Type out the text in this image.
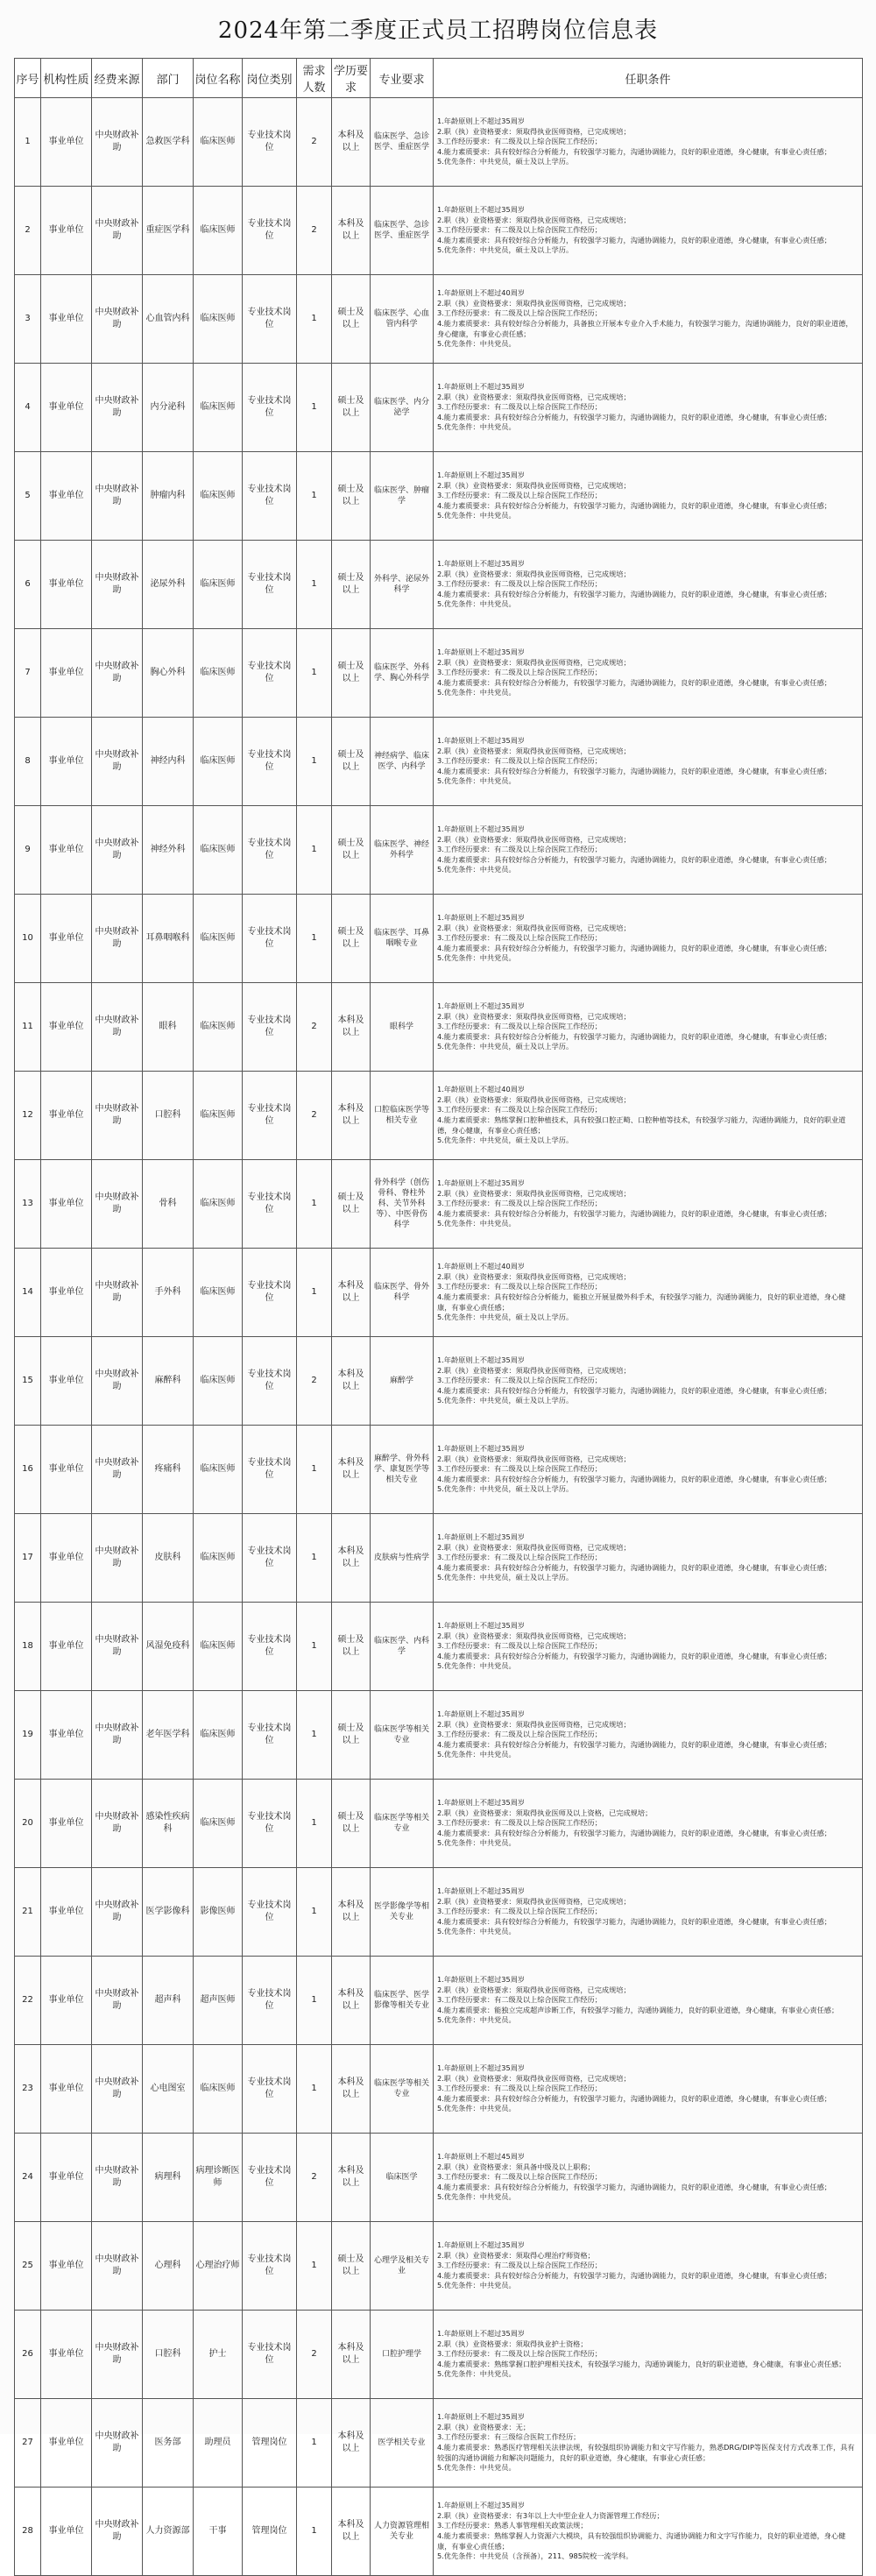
2024年第二季度正式员工招聘岗位信息表
序号	机构性质	经费来源	部门	岗位名称	岗位类别	需求人数	学历要求	专业要求	任职条件
1	事业单位	中央财政补助	急救医学科	临床医师	专业技术岗位	2	本科及以上	临床医学、急诊医学、重症医学	1.年龄原则上不超过35周岁
2.职（执）业资格要求：须取得执业医师资格，已完成规培；
3.工作经历要求：有二级及以上综合医院工作经历；
4.能力素质要求：具有较好综合分析能力，有较强学习能力，沟通协调能力，良好的职业道德，身心健康，有事业心责任感；
5.优先条件：中共党员，硕士及以上学历。
2	事业单位	中央财政补助	重症医学科	临床医师	专业技术岗位	2	本科及以上	临床医学、急诊医学、重症医学	1.年龄原则上不超过35周岁
2.职（执）业资格要求：须取得执业医师资格，已完成规培；
3.工作经历要求：有二级及以上综合医院工作经历；
4.能力素质要求：具有较好综合分析能力，有较强学习能力，沟通协调能力，良好的职业道德，身心健康，有事业心责任感；
5.优先条件：中共党员，硕士及以上学历。
3	事业单位	中央财政补助	心血管内科	临床医师	专业技术岗位	1	硕士及以上	临床医学、心血管内科学	1.年龄原则上不超过40周岁
2.职（执）业资格要求：须取得执业医师资格，已完成规培；
3.工作经历要求：有二级及以上综合医院工作经历；
4.能力素质要求：具有较好综合分析能力，具备独立开展本专业介入手术能力，有较强学习能力，沟通协调能力，良好的职业道德，身心健康，有事业心责任感；
5.优先条件：中共党员。
4	事业单位	中央财政补助	内分泌科	临床医师	专业技术岗位	1	硕士及以上	临床医学、内分泌学	1.年龄原则上不超过35周岁
2.职（执）业资格要求：须取得执业医师资格，已完成规培；
3.工作经历要求：有二级及以上综合医院工作经历；
4.能力素质要求：具有较好综合分析能力，有较强学习能力，沟通协调能力，良好的职业道德，身心健康，有事业心责任感；
5.优先条件：中共党员。
5	事业单位	中央财政补助	肿瘤内科	临床医师	专业技术岗位	1	硕士及以上	临床医学、肿瘤学	1.年龄原则上不超过35周岁
2.职（执）业资格要求：须取得执业医师资格，已完成规培；
3.工作经历要求：有二级及以上综合医院工作经历；
4.能力素质要求：具有较好综合分析能力，有较强学习能力，沟通协调能力，良好的职业道德，身心健康，有事业心责任感；
5.优先条件：中共党员。
6	事业单位	中央财政补助	泌尿外科	临床医师	专业技术岗位	1	硕士及以上	外科学、泌尿外科学	1.年龄原则上不超过35周岁
2.职（执）业资格要求：须取得执业医师资格，已完成规培；
3.工作经历要求：有二级及以上综合医院工作经历；
4.能力素质要求：具有较好综合分析能力，有较强学习能力，沟通协调能力，良好的职业道德，身心健康，有事业心责任感；
5.优先条件：中共党员。
7	事业单位	中央财政补助	胸心外科	临床医师	专业技术岗位	1	硕士及以上	临床医学、外科学、胸心外科学	1.年龄原则上不超过35周岁
2.职（执）业资格要求：须取得执业医师资格，已完成规培；
3.工作经历要求：有二级及以上综合医院工作经历；
4.能力素质要求：具有较好综合分析能力，有较强学习能力，沟通协调能力，良好的职业道德，身心健康，有事业心责任感；
5.优先条件：中共党员。
8	事业单位	中央财政补助	神经内科	临床医师	专业技术岗位	1	硕士及以上	神经病学、临床医学、内科学	1.年龄原则上不超过35周岁
2.职（执）业资格要求：须取得执业医师资格，已完成规培；
3.工作经历要求：有二级及以上综合医院工作经历；
4.能力素质要求：具有较好综合分析能力，有较强学习能力，沟通协调能力，良好的职业道德，身心健康，有事业心责任感；
5.优先条件：中共党员。
9	事业单位	中央财政补助	神经外科	临床医师	专业技术岗位	1	硕士及以上	临床医学、神经外科学	1.年龄原则上不超过35周岁
2.职（执）业资格要求：须取得执业医师资格，已完成规培；
3.工作经历要求：有二级及以上综合医院工作经历；
4.能力素质要求：具有较好综合分析能力，有较强学习能力，沟通协调能力，良好的职业道德，身心健康，有事业心责任感；
5.优先条件：中共党员。
10	事业单位	中央财政补助	耳鼻咽喉科	临床医师	专业技术岗位	1	硕士及以上	临床医学、耳鼻咽喉专业	1.年龄原则上不超过35周岁
2.职（执）业资格要求：须取得执业医师资格，已完成规培；
3.工作经历要求：有二级及以上综合医院工作经历；
4.能力素质要求：具有较好综合分析能力，有较强学习能力，沟通协调能力，良好的职业道德，身心健康，有事业心责任感；
5.优先条件：中共党员。
11	事业单位	中央财政补助	眼科	临床医师	专业技术岗位	2	本科及以上	眼科学	1.年龄原则上不超过35周岁
2.职（执）业资格要求：须取得执业医师资格，已完成规培；
3.工作经历要求：有二级及以上综合医院工作经历；
4.能力素质要求：具有较好综合分析能力，有较强学习能力，沟通协调能力，良好的职业道德，身心健康，有事业心责任感；
5.优先条件：中共党员，硕士及以上学历。
12	事业单位	中央财政补助	口腔科	临床医师	专业技术岗位	2	本科及以上	口腔临床医学等相关专业	1.年龄原则上不超过40周岁
2.职（执）业资格要求：须取得执业医师资格，已完成规培；
3.工作经历要求：有二级及以上综合医院工作经历；
4.能力素质要求：熟练掌握口腔种植技术，具有较强口腔正畸、口腔种植等技术，有较强学习能力，沟通协调能力，良好的职业道德，身心健康，有事业心责任感；
5.优先条件：中共党员，硕士及以上学历。
13	事业单位	中央财政补助	骨科	临床医师	专业技术岗位	1	硕士及以上	骨外科学（创伤骨科、脊柱外科、关节外科等）、中医骨伤科学	1.年龄原则上不超过35周岁
2.职（执）业资格要求：须取得执业医师资格，已完成规培；
3.工作经历要求：有二级及以上综合医院工作经历；
4.能力素质要求：具有较好综合分析能力，有较强学习能力，沟通协调能力，良好的职业道德，身心健康，有事业心责任感；
5.优先条件：中共党员。
14	事业单位	中央财政补助	手外科	临床医师	专业技术岗位	1	本科及以上	临床医学、骨外科学	1.年龄原则上不超过40周岁
2.职（执）业资格要求：须取得执业医师资格，已完成规培；
3.工作经历要求：有二级及以上综合医院工作经历；
4.能力素质要求：具有较好综合分析能力，能独立开展显微外科手术，有较强学习能力，沟通协调能力，良好的职业道德，身心健康，有事业心责任感；
5.优先条件：中共党员，硕士及以上学历。
15	事业单位	中央财政补助	麻醉科	临床医师	专业技术岗位	2	本科及以上	麻醉学	1.年龄原则上不超过35周岁
2.职（执）业资格要求：须取得执业医师资格，已完成规培；
3.工作经历要求：有二级及以上综合医院工作经历；
4.能力素质要求：具有较好综合分析能力，有较强学习能力，沟通协调能力，良好的职业道德，身心健康，有事业心责任感；
5.优先条件：中共党员，硕士及以上学历。
16	事业单位	中央财政补助	疼痛科	临床医师	专业技术岗位	1	本科及以上	麻醉学、骨外科学、康复医学等相关专业	1.年龄原则上不超过35周岁
2.职（执）业资格要求：须取得执业医师资格，已完成规培；
3.工作经历要求：有二级及以上综合医院工作经历；
4.能力素质要求：具有较好综合分析能力，有较强学习能力，沟通协调能力，良好的职业道德，身心健康，有事业心责任感；
5.优先条件：中共党员，硕士及以上学历。
17	事业单位	中央财政补助	皮肤科	临床医师	专业技术岗位	1	本科及以上	皮肤病与性病学	1.年龄原则上不超过35周岁
2.职（执）业资格要求：须取得执业医师资格，已完成规培；
3.工作经历要求：有二级及以上综合医院工作经历；
4.能力素质要求：具有较好综合分析能力，有较强学习能力，沟通协调能力，良好的职业道德，身心健康，有事业心责任感；
5.优先条件：中共党员，硕士及以上学历。
18	事业单位	中央财政补助	风湿免疫科	临床医师	专业技术岗位	1	硕士及以上	临床医学、内科学	1.年龄原则上不超过35周岁
2.职（执）业资格要求：须取得执业医师资格，已完成规培；
3.工作经历要求：有二级及以上综合医院工作经历；
4.能力素质要求：具有较好综合分析能力，有较强学习能力，沟通协调能力，良好的职业道德，身心健康，有事业心责任感；
5.优先条件：中共党员。
19	事业单位	中央财政补助	老年医学科	临床医师	专业技术岗位	1	硕士及以上	临床医学等相关专业	1.年龄原则上不超过35周岁
2.职（执）业资格要求：须取得执业医师资格，已完成规培；
3.工作经历要求：有二级及以上综合医院工作经历；
4.能力素质要求：具有较好综合分析能力，有较强学习能力，沟通协调能力，良好的职业道德，身心健康，有事业心责任感；
5.优先条件：中共党员。
20	事业单位	中央财政补助	感染性疾病科	临床医师	专业技术岗位	1	硕士及以上	临床医学等相关专业	1.年龄原则上不超过35周岁
2.职（执）业资格要求：须取得执业医师及以上资格，已完成规培；
3.工作经历要求：有二级及以上综合医院工作经历；
4.能力素质要求：具有较好综合分析能力，有较强学习能力，沟通协调能力，良好的职业道德，身心健康，有事业心责任感；
5.优先条件：中共党员。
21	事业单位	中央财政补助	医学影像科	影像医师	专业技术岗位	1	本科及以上	医学影像学等相关专业	1.年龄原则上不超过35周岁
2.职（执）业资格要求：须取得执业医师资格，已完成规培；
3.工作经历要求：有二级及以上综合医院工作经历；
4.能力素质要求：具有较好综合分析能力，有较强学习能力，沟通协调能力，良好的职业道德，身心健康，有事业心责任感；
5.优先条件：中共党员。
22	事业单位	中央财政补助	超声科	超声医师	专业技术岗位	1	本科及以上	临床医学、医学影像等相关专业	1.年龄原则上不超过35周岁
2.职（执）业资格要求：须取得执业医师资格，已完成规培；
3.工作经历要求：有二级及以上综合医院工作经历；
4.能力素质要求：能独立完成超声诊断工作，有较强学习能力，沟通协调能力，良好的职业道德，身心健康，有事业心责任感；
5.优先条件：中共党员。
23	事业单位	中央财政补助	心电图室	临床医师	专业技术岗位	1	本科及以上	临床医学等相关专业	1.年龄原则上不超过35周岁
2.职（执）业资格要求：须取得执业医师资格，已完成规培；
3.工作经历要求：有二级及以上综合医院工作经历；
4.能力素质要求：具有较好综合分析能力，有较强学习能力，沟通协调能力，良好的职业道德，身心健康，有事业心责任感；
5.优先条件：中共党员。
24	事业单位	中央财政补助	病理科	病理诊断医师	专业技术岗位	2	本科及以上	临床医学	1.年龄原则上不超过45周岁
2.职（执）业资格要求：须具备中级及以上职称；
3.工作经历要求：有二级及以上综合医院工作经历；
4.能力素质要求：具有较好综合分析能力，有较强学习能力，沟通协调能力，良好的职业道德，身心健康，有事业心责任感；
5.优先条件：中共党员。
25	事业单位	中央财政补助	心理科	心理治疗师	专业技术岗位	1	硕士及以上	心理学及相关专业	1.年龄原则上不超过35周岁
2.职（执）业资格要求：须取得心理治疗师资格；
3.工作经历要求：有二级及以上综合医院工作经历；
4.能力素质要求：具有较好综合分析能力，有较强学习能力，沟通协调能力，良好的职业道德，身心健康，有事业心责任感；
5.优先条件：中共党员。
26	事业单位	中央财政补助	口腔科	护士	专业技术岗位	2	本科及以上	口腔护理学	1.年龄原则上不超过35周岁
2.职（执）业资格要求：须取得执业护士资格；
3.工作经历要求：有二级及以上综合医院工作经历；
4.能力素质要求：熟练掌握口腔护理相关技术，有较强学习能力，沟通协调能力，良好的职业道德，身心健康，有事业心责任感；
5.优先条件：中共党员。
27	事业单位	中央财政补助	医务部	助理员	管理岗位	1	本科及以上	医学相关专业	1.年龄原则上不超过35周岁
2.职（执）业资格要求：无；
3.工作经历要求：有三级综合医院工作经历；
4.能力素质要求：熟悉医疗管理相关法律法规，有较强组织协调能力和文字写作能力，熟悉DRG/DIP等医保支付方式改革工作，具有较强的沟通协调能力和解决问题能力，良好的职业道德，身心健康，有事业心责任感；
5.优先条件：中共党员。
28	事业单位	中央财政补助	人力资源部	干事	管理岗位	1	本科及以上	人力资源管理相关专业	1.年龄原则上不超过35周岁
2.职（执）业资格要求：有3年以上大中型企业人力资源管理工作经历；
3.工作经历要求：熟悉人事管理相关政策法规；
4.能力素质要求：熟练掌握人力资源六大模块，具有较强组织协调能力、沟通协调能力和文字写作能力，良好的职业道德，身心健康，有事业心责任感；
5.优先条件：中共党员（含预备），211、985院校一流学科。
